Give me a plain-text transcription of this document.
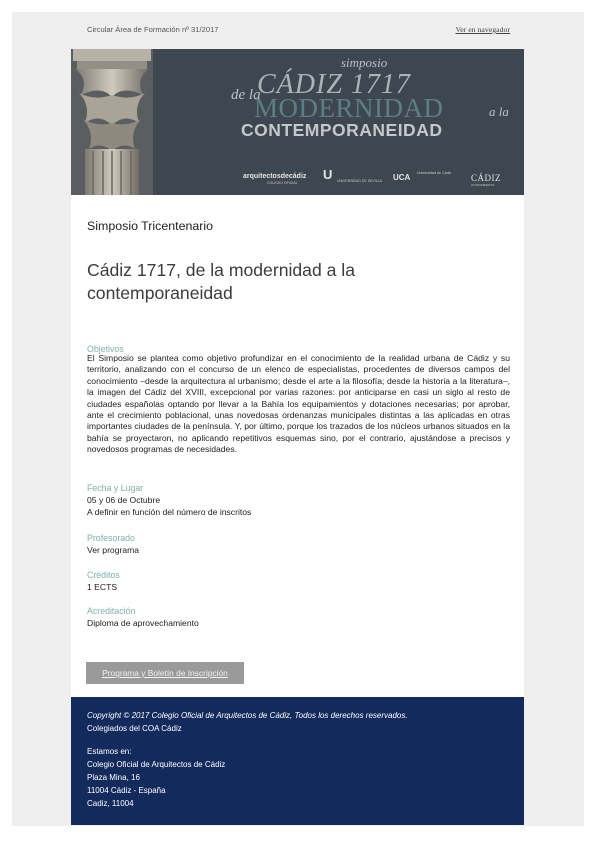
Circular Área de Formación nº 31/2017	Ver en navegador
simposio
CÁDIZ 1717
de la
MODERNIDAD	a la
CONTEMPORANEIDAD
arquitectosdecádiz
COLEGIO OFICIAL
U UNIVERSIDAD DE SEVILLA UCA Universidad de Cádiz CÁDIZ
AYUNTAMIENTO
Simposio Tricentenario
Cádiz 1717, de la modernidad a la contemporaneidad
Objetivos
El Simposio se plantea como objetivo profundizar en el conocimiento de la realidad urbana de Cádiz y su territorio, analizando con el concurso de un elenco de especialistas, procedentes de diversos campos del conocimiento –desde la arquitectura al urbanismo; desde el arte a la filosofía; desde la historia a la literatura–, la imagen del Cádiz del XVIII, excepcional por varias razones: por anticiparse en casi un siglo al resto de ciudades españolas optando por llevar a la Bahía los equipamientos y dotaciones necesarias; por aprobar, ante el crecimiento poblacional, unas novedosas ordenanzas municipales distintas a las aplicadas en otras importantes ciudades de la península. Y, por último, porque los trazados de los núcleos urbanos situados en la bahía se proyectaron, no aplicando repetitivos esquemas sino, por el contrario, ajustándose a precisos y novedosos programas de necesidades.
Fecha y Lugar
05 y 06 de Octubre
A definir en función del número de inscritos
Profesorado
Ver programa
Créditos
1 ECTS
Acreditación
Diploma de aprovechamiento
Programa y Boletín de Inscripción
Copyright © 2017 Colegio Oficial de Arquitectos de Cádiz, Todos los derechos reservados.
Colegiados del COA Cádiz
Estamos en:
Colegio Oficial de Arquitectos de Cádiz
Plaza Mina, 16
11004 Cádiz - España
Cadiz, 11004
